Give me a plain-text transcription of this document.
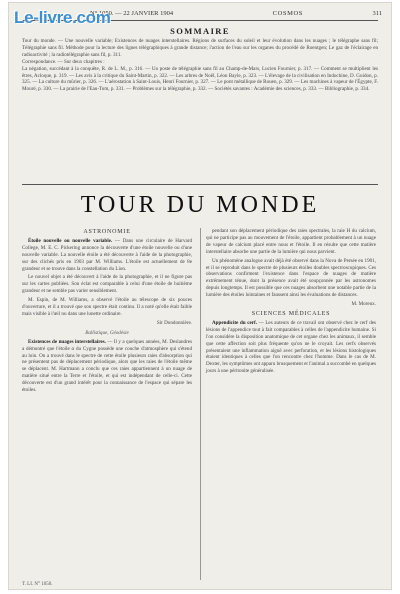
Le-livre.com
N° 1050. — 22 JANVIER 1904	COSMOS	311
SOMMAIRE

Tour du monde. — Une nouvelle variable; Existences de nuages interstellaires. Régions de surfaces du soleil et leur évolution dans les nuages ; le télégraphe sans fil; Télégraphie sans fil. Méthode pour la lecture des lignes télégraphiques à grande distance; l'action de l'eau sur les organes du procédé de Roentgen; Le gaz de l'éclairage en radioactivité ; la radiotélégraphie sans fil, p. 311.

Correspondance. — Sur deux chapitres :

La négation, succédant à la conquête, R. de L. M., p. 316. — Un poste de télégraphie sans fil au Champ-de-Mars, Lucien Fournier, p. 317. — Comment se multiplient les êtres, Acloque, p. 319. — Les avis à la critique du Saint-Martin, p. 322. — Les arbres de Noël, Léon Bayle, p. 323. — L'élevage de la civilisation en Indochine, D. Guidon, p. 325. — La culture du mûrier, p. 326. — L'aérostation à Saint-Louis, Henri Fournier, p. 327. — Le pont métallique de Rouen, p. 329. — Les machines à vapeur de l'Égypte, F. Mouré, p. 330. — La prairie de l'Eau-Tom, p. 331. — Problèmes sur la télégraphie, p. 332. — Sociétés savantes : Académie des sciences, p. 333. — Bibliographie, p. 334.

TOUR DU MONDE
ASTRONOMIE

Étoile nouvelle ou nouvelle variable. — Dans une circulaire de Harvard College, M. E. C. Pickering annonce la découverte d'une étoile nouvelle ou d'une nouvelle variable. La nouvelle étoile a été découverte à l'aide de la photographie, sur des clichés pris en 1903 par M. Williams. L'étoile est actuellement de 8e grandeur et se trouve dans la constellation du Lion.

Le nouvel objet a été découvert à l'aide de la photographie, et il ne figure pas sur les cartes publiées. Son éclat est comparable à celui d'une étoile de huitième grandeur et ne semble pas varier sensiblement.

M. Espin, de M. Williams, a observé l'étoile au télescope de six pouces d'ouverture, et il a trouvé que son spectre était continu. Il a noté qu'elle était faible mais visible à l'œil nu dans une lunette ordinaire.

Sir Dondonnière.
Ballistique, Géodésie

Existences de nuages interstellaires. — Il y a quelques années, M. Deslandres a démontré que l'étoile α du Cygne possède une couche d'atmosphère qui s'étend au loin. On a trouvé dans le spectre de cette étoile plusieurs raies d'absorption qui ne présentent pas de déplacement périodique, alors que les raies de l'étoile même se déplacent. M. Hartmann a conclu que ces raies appartiennent à un nuage de matière situé entre la Terre et l'étoile, et qui est indépendant de celle-ci. Cette découverte est d'un grand intérêt pour la connaissance de l'espace qui sépare les étoiles.

pendant son déplacement périodique des raies spectrales, la raie H du calcium, qui ne participe pas au mouvement de l'étoile, appartient probablement à un nuage de vapeur de calcium placé entre nous et l'étoile. Il en résulte que cette matière interstellaire absorbe une partie de la lumière qui nous parvient.

Un phénomène analogue avait déjà été observé dans la Nova de Persée en 1901, et il se reproduit dans le spectre de plusieurs étoiles doubles spectroscopiques. Ces observations confirment l'existence dans l'espace de nuages de matière extrêmement ténue, dont la présence avait été soupçonnée par les astronomes depuis longtemps. Il est possible que ces nuages absorbent une notable partie de la lumière des étoiles lointaines et faussent ainsi les évaluations de distances.

M. Moreux.
SCIENCES MÉDICALES

Appendicite du cerf. — Les auteurs de ce travail ont observé chez le cerf des lésions de l'appendice tout à fait comparables à celles de l'appendicite humaine. Si l'on considère la disposition anatomique de cet organe chez les animaux, il semble que cette affection soit plus fréquente qu'on ne le croyait. Les cerfs observés présentaient une inflammation aiguë avec perforation, et les lésions histologiques étaient identiques à celles que l'on rencontre chez l'homme. Dans le cas de M. Dexter, les symptômes ont apparu brusquement et l'animal a succombé en quelques jours à une péritonite généralisée.

T. LI. N° 1050.
